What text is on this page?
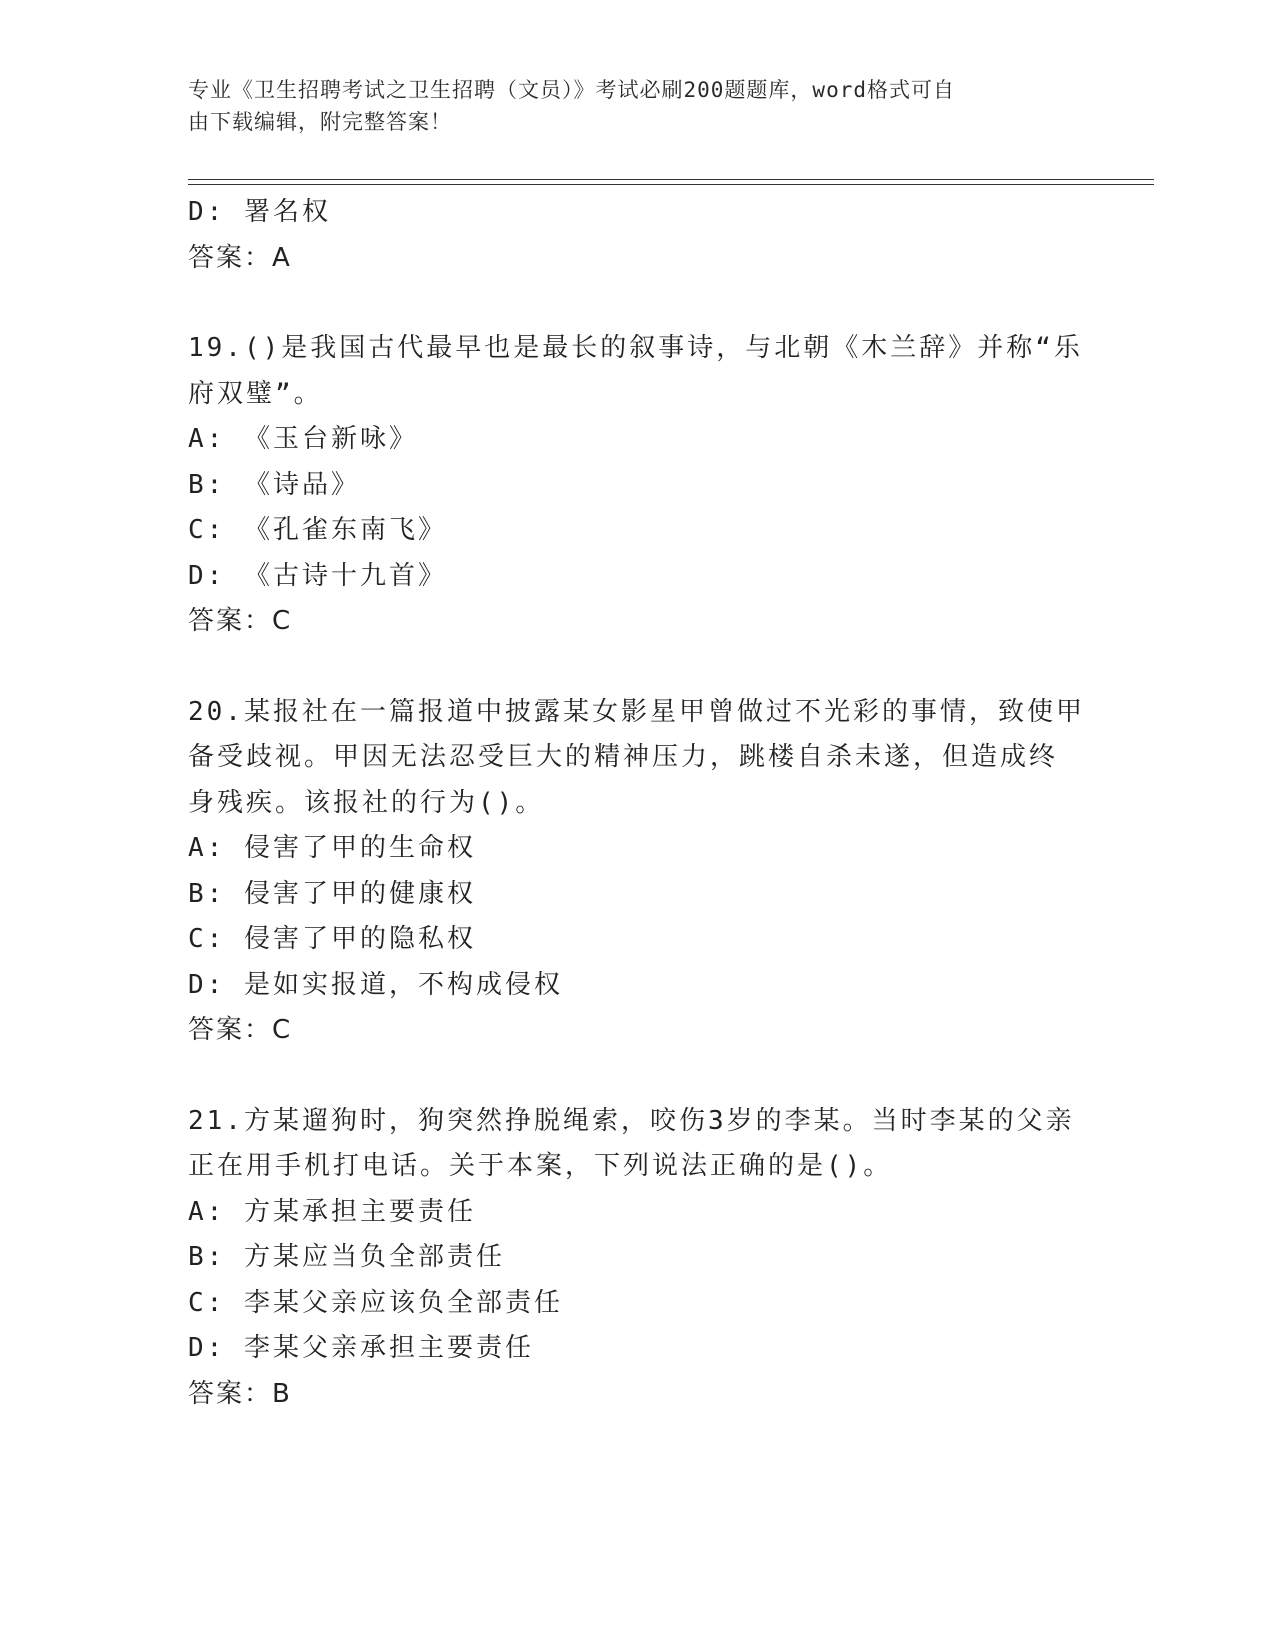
专业《卫生招聘考试之卫生招聘（文员）》考试必刷200题题库，word格式可自
由下载编辑，附完整答案！
D: 署名权
答案：A
19.()是我国古代最早也是最长的叙事诗，与北朝《木兰辞》并称“乐
府双璧”。
A: 《玉台新咏》
B: 《诗品》
C: 《孔雀东南飞》
D: 《古诗十九首》
答案：C
20.某报社在一篇报道中披露某女影星甲曾做过不光彩的事情，致使甲
备受歧视。甲因无法忍受巨大的精神压力，跳楼自杀未遂，但造成终
身残疾。该报社的行为()。
A: 侵害了甲的生命权
B: 侵害了甲的健康权
C: 侵害了甲的隐私权
D: 是如实报道，不构成侵权
答案：C
21.方某遛狗时，狗突然挣脱绳索，咬伤3岁的李某。当时李某的父亲
正在用手机打电话。关于本案，下列说法正确的是()。
A: 方某承担主要责任
B: 方某应当负全部责任
C: 李某父亲应该负全部责任
D: 李某父亲承担主要责任
答案：B
